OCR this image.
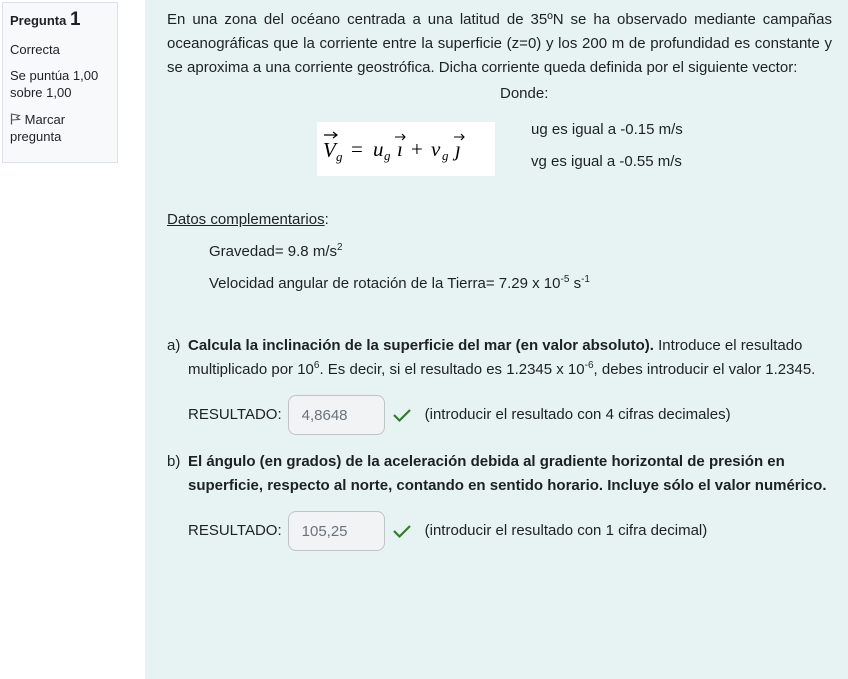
Pregunta 1
Correcta
Se puntúa 1,00 sobre 1,00
Marcar pregunta

En una zona del océano centrada a una latitud de 35ºN se ha observado mediante campañas oceanográficas que la corriente entre la superficie (z=0) y los 200 m de profundidad es constante y se aproxima a una corriente geostrófica. Dicha corriente queda definida por el siguiente vector:

Donde:
V g = u g ı + v g ȷ
ug es igual a -0.15 m/s
vg es igual a -0.55 m/s
Datos complementarios:
Gravedad= 9.8 $m/s^2$
Velocidad angular de rotación de la Tierra= 7.29 x $10^{-5}$ $s^{-1}$
a) Calcula la inclinación de la superficie del mar (en valor absoluto). Introduce el resultado multiplicado por $10^6$. Es decir, si el resultado es 1.2345 x $10^{-6}$, debes introducir el valor 1.2345.
RESULTADO:
4,8648	(introducir el resultado con 4 cifras decimales)
b) El ángulo (en grados) de la aceleración debida al gradiente horizontal de presión en superficie, respecto al norte, contando en sentido horario. Incluye sólo el valor numérico.
RESULTADO:
105,25	(introducir el resultado con 1 cifra decimal)
